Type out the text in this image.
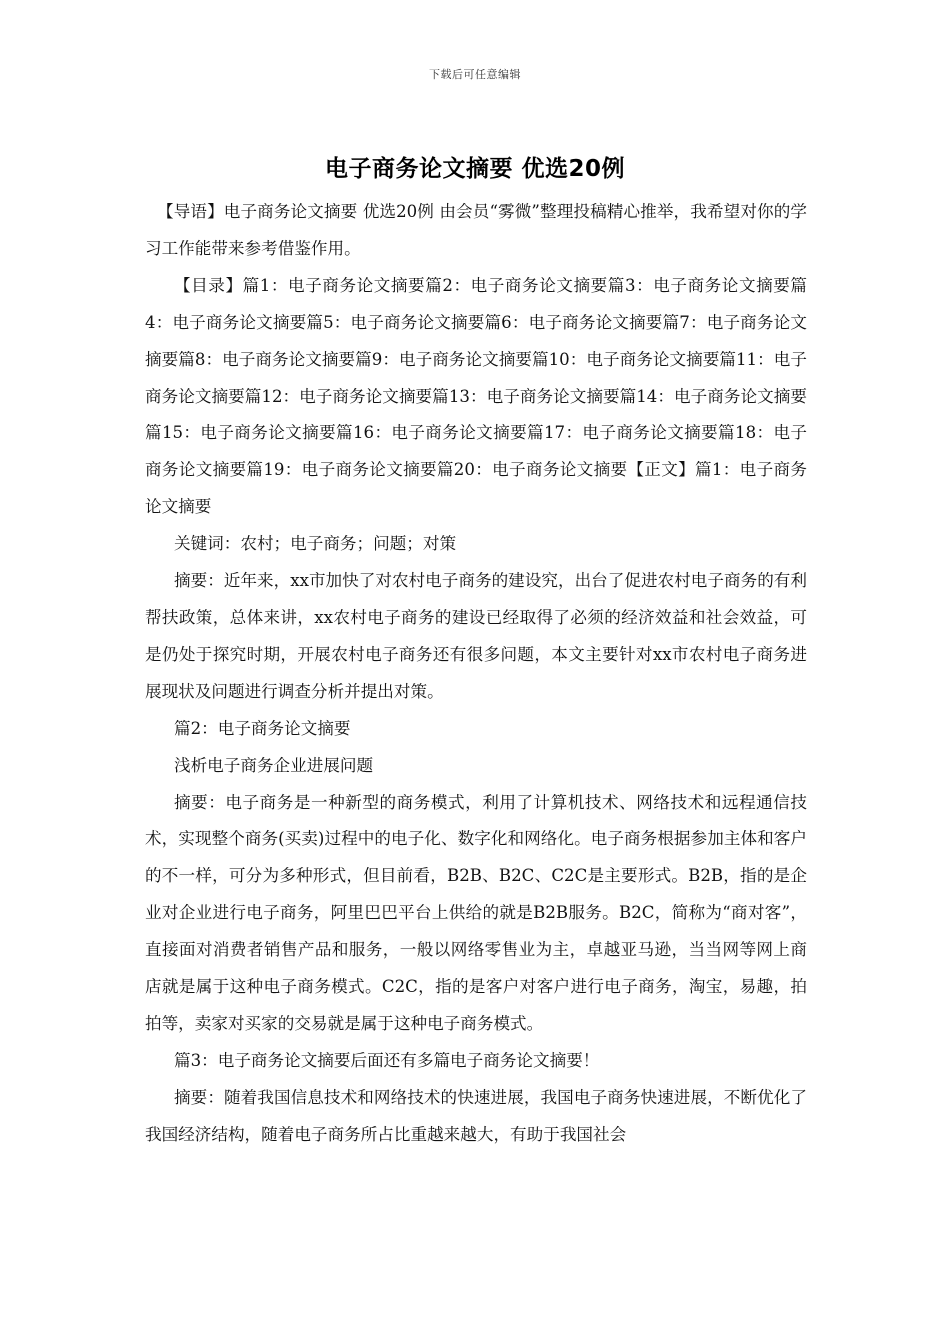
下载后可任意编辑
电子商务论文摘要 优选20例

【导语】电子商务论文摘要 优选20例 由会员“雾微”整理投稿精心推举，我希望对你的学习工作能带来参考借鉴作用。

【目录】篇1：电子商务论文摘要篇2：电子商务论文摘要篇3：电子商务论文摘要篇4：电子商务论文摘要篇5：电子商务论文摘要篇6：电子商务论文摘要篇7：电子商务论文摘要篇8：电子商务论文摘要篇9：电子商务论文摘要篇10：电子商务论文摘要篇11：电子商务论文摘要篇12：电子商务论文摘要篇13：电子商务论文摘要篇14：电子商务论文摘要篇15：电子商务论文摘要篇16：电子商务论文摘要篇17：电子商务论文摘要篇18：电子商务论文摘要篇19：电子商务论文摘要篇20：电子商务论文摘要【正文】篇1：电子商务论文摘要

关键词：农村；电子商务；问题；对策

摘要：近年来，xx市加快了对农村电子商务的建设究，出台了促进农村电子商务的有利帮扶政策，总体来讲，xx农村电子商务的建设已经取得了必须的经济效益和社会效益，可是仍处于探究时期，开展农村电子商务还有很多问题，本文主要针对xx市农村电子商务进展现状及问题进行调查分析并提出对策。

篇2：电子商务论文摘要

浅析电子商务企业进展问题

摘要：电子商务是一种新型的商务模式，利用了计算机技术、网络技术和远程通信技术，实现整个商务(买卖)过程中的电子化、数字化和网络化。电子商务根据参加主体和客户的不一样，可分为多种形式，但目前看，B2B、B2C、C2C是主要形式。B2B，指的是企业对企业进行电子商务，阿里巴巴平台上供给的就是B2B服务。B2C，简称为“商对客”，直接面对消费者销售产品和服务，一般以网络零售业为主，卓越亚马逊，当当网等网上商店就是属于这种电子商务模式。C2C，指的是客户对客户进行电子商务，淘宝，易趣，拍拍等，卖家对买家的交易就是属于这种电子商务模式。

篇3：电子商务论文摘要后面还有多篇电子商务论文摘要！

摘要：随着我国信息技术和网络技术的快速进展，我国电子商务快速进展，不断优化了我国经济结构，随着电子商务所占比重越来越大，有助于我国社会
